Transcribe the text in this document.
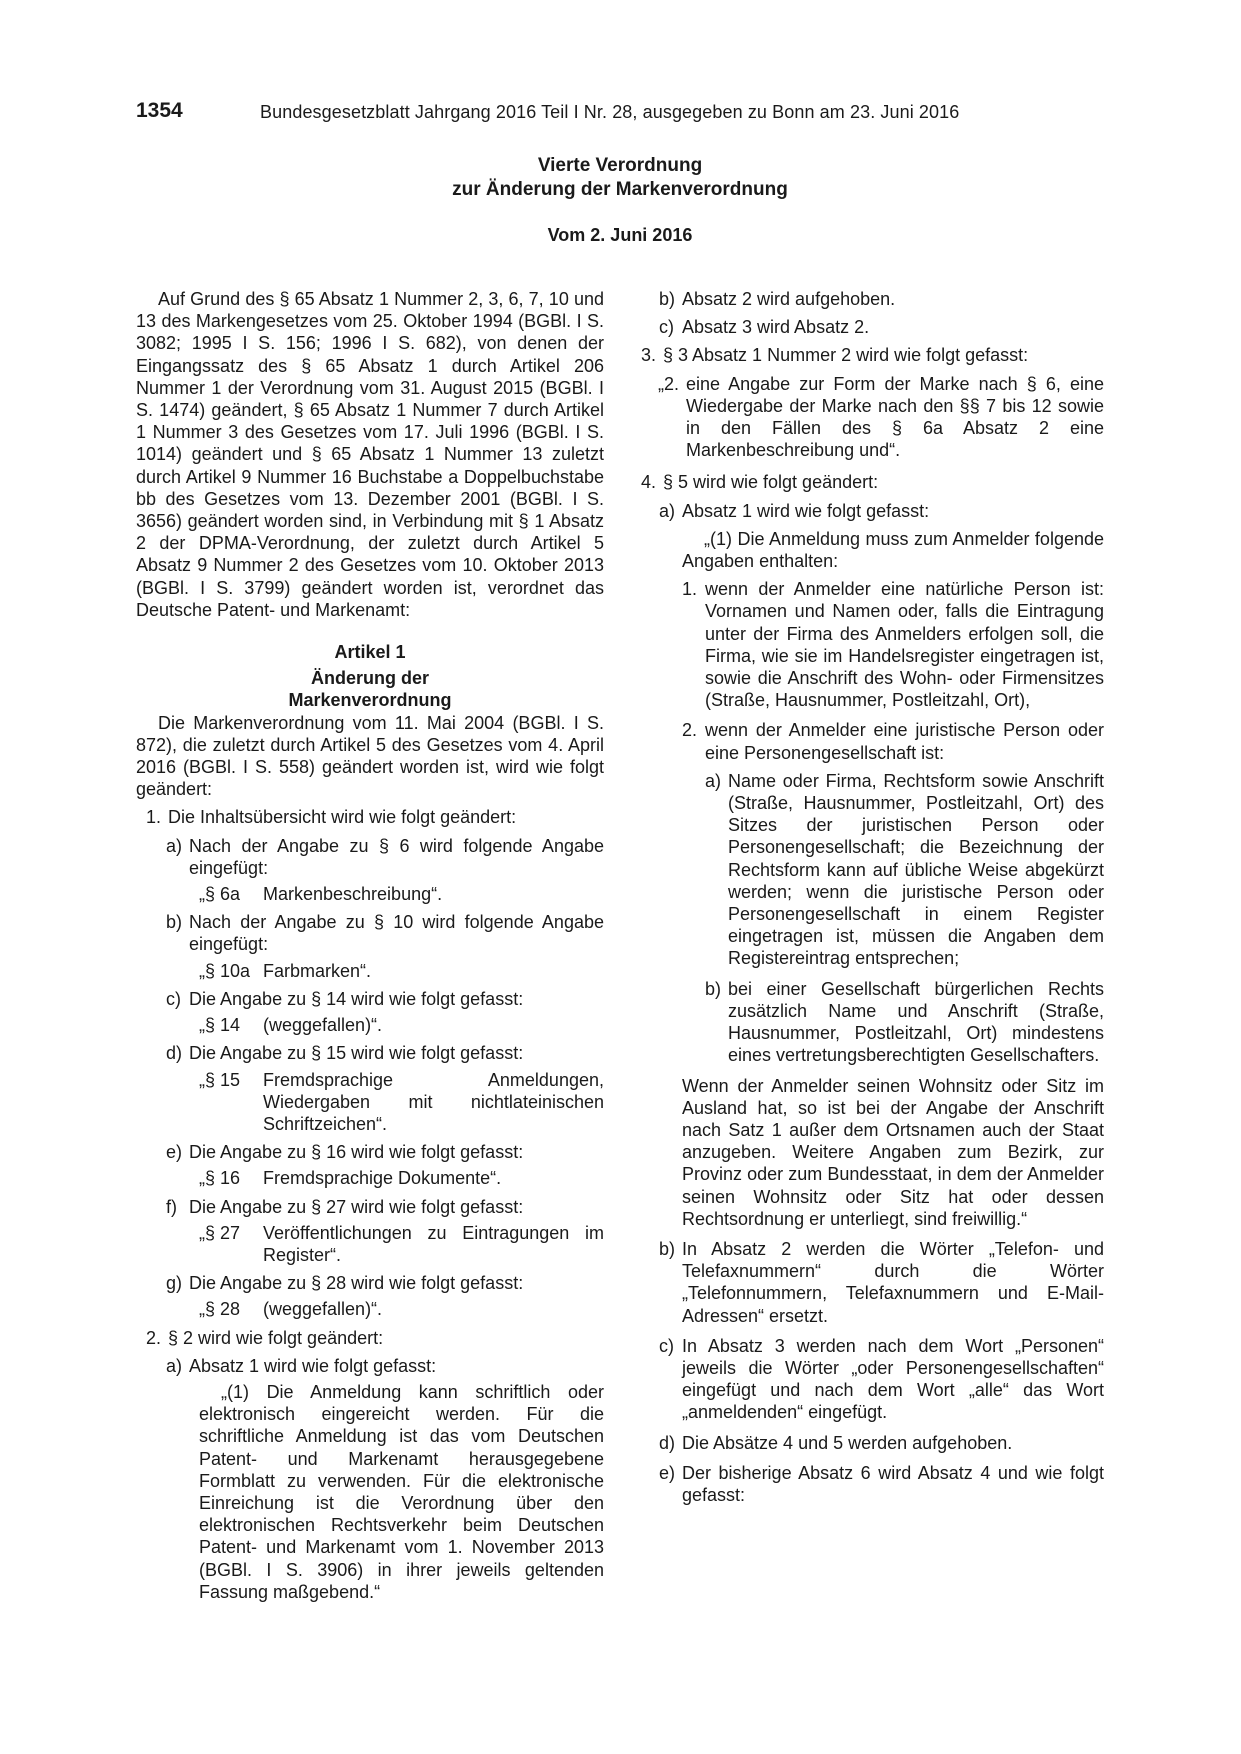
1354	Bundesgesetzblatt Jahrgang 2016 Teil I Nr. 28, ausgegeben zu Bonn am 23. Juni 2016
Vierte Verordnung
zur Änderung der Markenverordnung
Vom 2. Juni 2016

Auf Grund des § 65 Absatz 1 Nummer 2, 3, 6, 7, 10 und 13 des Markengesetzes vom 25. Oktober 1994 (BGBl. I S. 3082; 1995 I S. 156; 1996 I S. 682), von denen der Eingangssatz des § 65 Absatz 1 durch Artikel 206 Nummer 1 der Verordnung vom 31. August 2015 (BGBl. I S. 1474) geändert, § 65 Absatz 1 Nummer 7 durch Artikel 1 Nummer 3 des Gesetzes vom 17. Juli 1996 (BGBl. I S. 1014) geändert und § 65 Absatz 1 Nummer 13 zuletzt durch Artikel 9 Nummer 16 Buchstabe a Doppelbuchstabe bb des Gesetzes vom 13. Dezember 2001 (BGBl. I S. 3656) geändert worden sind, in Verbindung mit § 1 Absatz 2 der DPMA-Verordnung, der zuletzt durch Artikel 5 Absatz 9 Nummer 2 des Gesetzes vom 10. Oktober 2013 (BGBl. I S. 3799) geändert worden ist, verordnet das Deutsche Patent- und Markenamt:

Artikel 1

Änderung der

Markenverordnung

Die Markenverordnung vom 11. Mai 2004 (BGBl. I S. 872), die zuletzt durch Artikel 5 des Gesetzes vom 4. April 2016 (BGBl. I S. 558) geändert worden ist, wird wie folgt geändert:

1. Die Inhaltsübersicht wird wie folgt geändert:
a) Nach der Angabe zu § 6 wird folgende Angabe eingefügt:
„§ 6a	Markenbeschreibung“.
b) Nach der Angabe zu § 10 wird folgende Angabe eingefügt:
„§ 10a Farbmarken“.
c) Die Angabe zu § 14 wird wie folgt gefasst:
„§ 14	(weggefallen)“.
d) Die Angabe zu § 15 wird wie folgt gefasst:
„§ 15	Fremdsprachige Anmeldungen, Wiedergaben mit nichtlateinischen Schriftzeichen“.
e) Die Angabe zu § 16 wird wie folgt gefasst:
„§ 16	Fremdsprachige Dokumente“.
f) Die Angabe zu § 27 wird wie folgt gefasst:
„§ 27	Veröffentlichungen zu Eintragungen im Register“.
g) Die Angabe zu § 28 wird wie folgt gefasst:
„§ 28	(weggefallen)“.
2. § 2 wird wie folgt geändert:
a) Absatz 1 wird wie folgt gefasst:

„(1) Die Anmeldung kann schriftlich oder elektronisch eingereicht werden. Für die schriftliche Anmeldung ist das vom Deutschen Patent- und Markenamt herausgegebene Formblatt zu verwenden. Für die elektronische Einreichung ist die Verordnung über den elektronischen Rechtsverkehr beim Deutschen Patent- und Markenamt vom 1. November 2013 (BGBl. I S. 3906) in ihrer jeweils geltenden Fassung maßgebend.“

b) Absatz 2 wird aufgehoben.
c) Absatz 3 wird Absatz 2.
3. § 3 Absatz 1 Nummer 2 wird wie folgt gefasst:
„2. eine Angabe zur Form der Marke nach § 6, eine Wiedergabe der Marke nach den §§ 7 bis 12 sowie in den Fällen des § 6a Absatz 2 eine Markenbeschreibung und“.
4. § 5 wird wie folgt geändert:
a) Absatz 1 wird wie folgt gefasst:

„(1) Die Anmeldung muss zum Anmelder folgende Angaben enthalten:

1. wenn der Anmelder eine natürliche Person ist: Vornamen und Namen oder, falls die Eintragung unter der Firma des Anmelders erfolgen soll, die Firma, wie sie im Handelsregister eingetragen ist, sowie die Anschrift des Wohn- oder Firmensitzes (Straße, Hausnummer, Postleitzahl, Ort),
2. wenn der Anmelder eine juristische Person oder eine Personengesellschaft ist:
a) Name oder Firma, Rechtsform sowie Anschrift (Straße, Hausnummer, Postleitzahl, Ort) des Sitzes der juristischen Person oder Personengesellschaft; die Bezeichnung der Rechtsform kann auf übliche Weise abgekürzt werden; wenn die juristische Person oder Personengesellschaft in einem Register eingetragen ist, müssen die Angaben dem Registereintrag entsprechen;
b) bei einer Gesellschaft bürgerlichen Rechts zusätzlich Name und Anschrift (Straße, Hausnummer, Postleitzahl, Ort) mindestens eines vertretungsberechtigten Gesellschafters.

Wenn der Anmelder seinen Wohnsitz oder Sitz im Ausland hat, so ist bei der Angabe der Anschrift nach Satz 1 außer dem Ortsnamen auch der Staat anzugeben. Weitere Angaben zum Bezirk, zur Provinz oder zum Bundesstaat, in dem der Anmelder seinen Wohnsitz oder Sitz hat oder dessen Rechtsordnung er unterliegt, sind freiwillig.“

b) In Absatz 2 werden die Wörter „Telefon- und Telefaxnummern“ durch die Wörter „Telefonnummern, Telefaxnummern und E-Mail-Adressen“ ersetzt.
c) In Absatz 3 werden nach dem Wort „Personen“ jeweils die Wörter „oder Personengesellschaften“ eingefügt und nach dem Wort „alle“ das Wort „anmeldenden“ eingefügt.
d) Die Absätze 4 und 5 werden aufgehoben.
e) Der bisherige Absatz 6 wird Absatz 4 und wie folgt gefasst:
